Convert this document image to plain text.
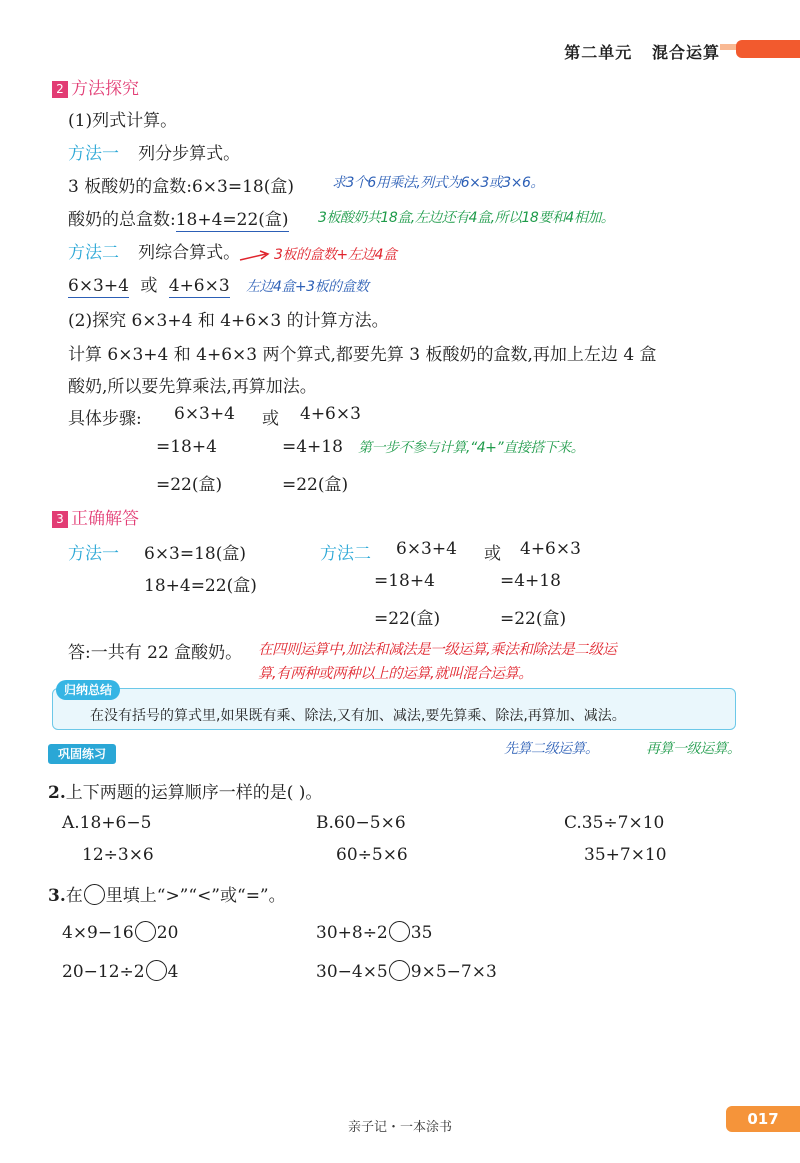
第二单元 混合运算
2 方法探究
(1)列式计算。
方法一 列分步算式。
3 板酸奶的盒数:6×3=18(盒)	求3个6用乘法,列式为6×3或3×6。
酸奶的总盒数:18+4=22(盒) 3板酸奶共18盒,左边还有4盒,所以18要和4相加。
方法二 列综合算式。 3板的盒数+左边4盒
6×3+4 或 4+6×3 左边4盒+3板的盒数
(2)探究 6×3+4 和 4+6×3 的计算方法。
计算 6×3+4 和 4+6×3 两个算式,都要先算 3 板酸奶的盒数,再加上左边 4 盒
酸奶,所以要先算乘法,再算加法。
具体步骤: 6×3+4 或 4+6×3
=18+4	=4+18 第一步不参与计算,“4+”直接搭下来。
=22(盒)	=22(盒)
3 正确解答
方法一 6×3=18(盒)
18+4=22(盒)
方法二 6×3+4 或 4+6×3
=18+4	=4+18
=22(盒)	=22(盒)
答:一共有 22 盒酸奶。 在四则运算中,加法和减法是一级运算,乘法和除法是二级运
算,有两种或两种以上的运算,就叫混合运算。
归纳总结
在没有括号的算式里,如果既有乘、除法,又有加、减法,要先算乘、除法,再算加、减法。
先算二级运算。	再算一级运算。
巩固练习
2.上下两题的运算顺序一样的是( )。
A.18+6−5
12÷3×6
B.60−5×6
60÷5×6
C.35÷7×10
35+7×10
3.在 里填上“>”“<”或“=”。
4×9−16 20	30+8÷2 35
20−12÷2 4	30−4×5 9×5−7×3
亲子记・一本涂书	017
